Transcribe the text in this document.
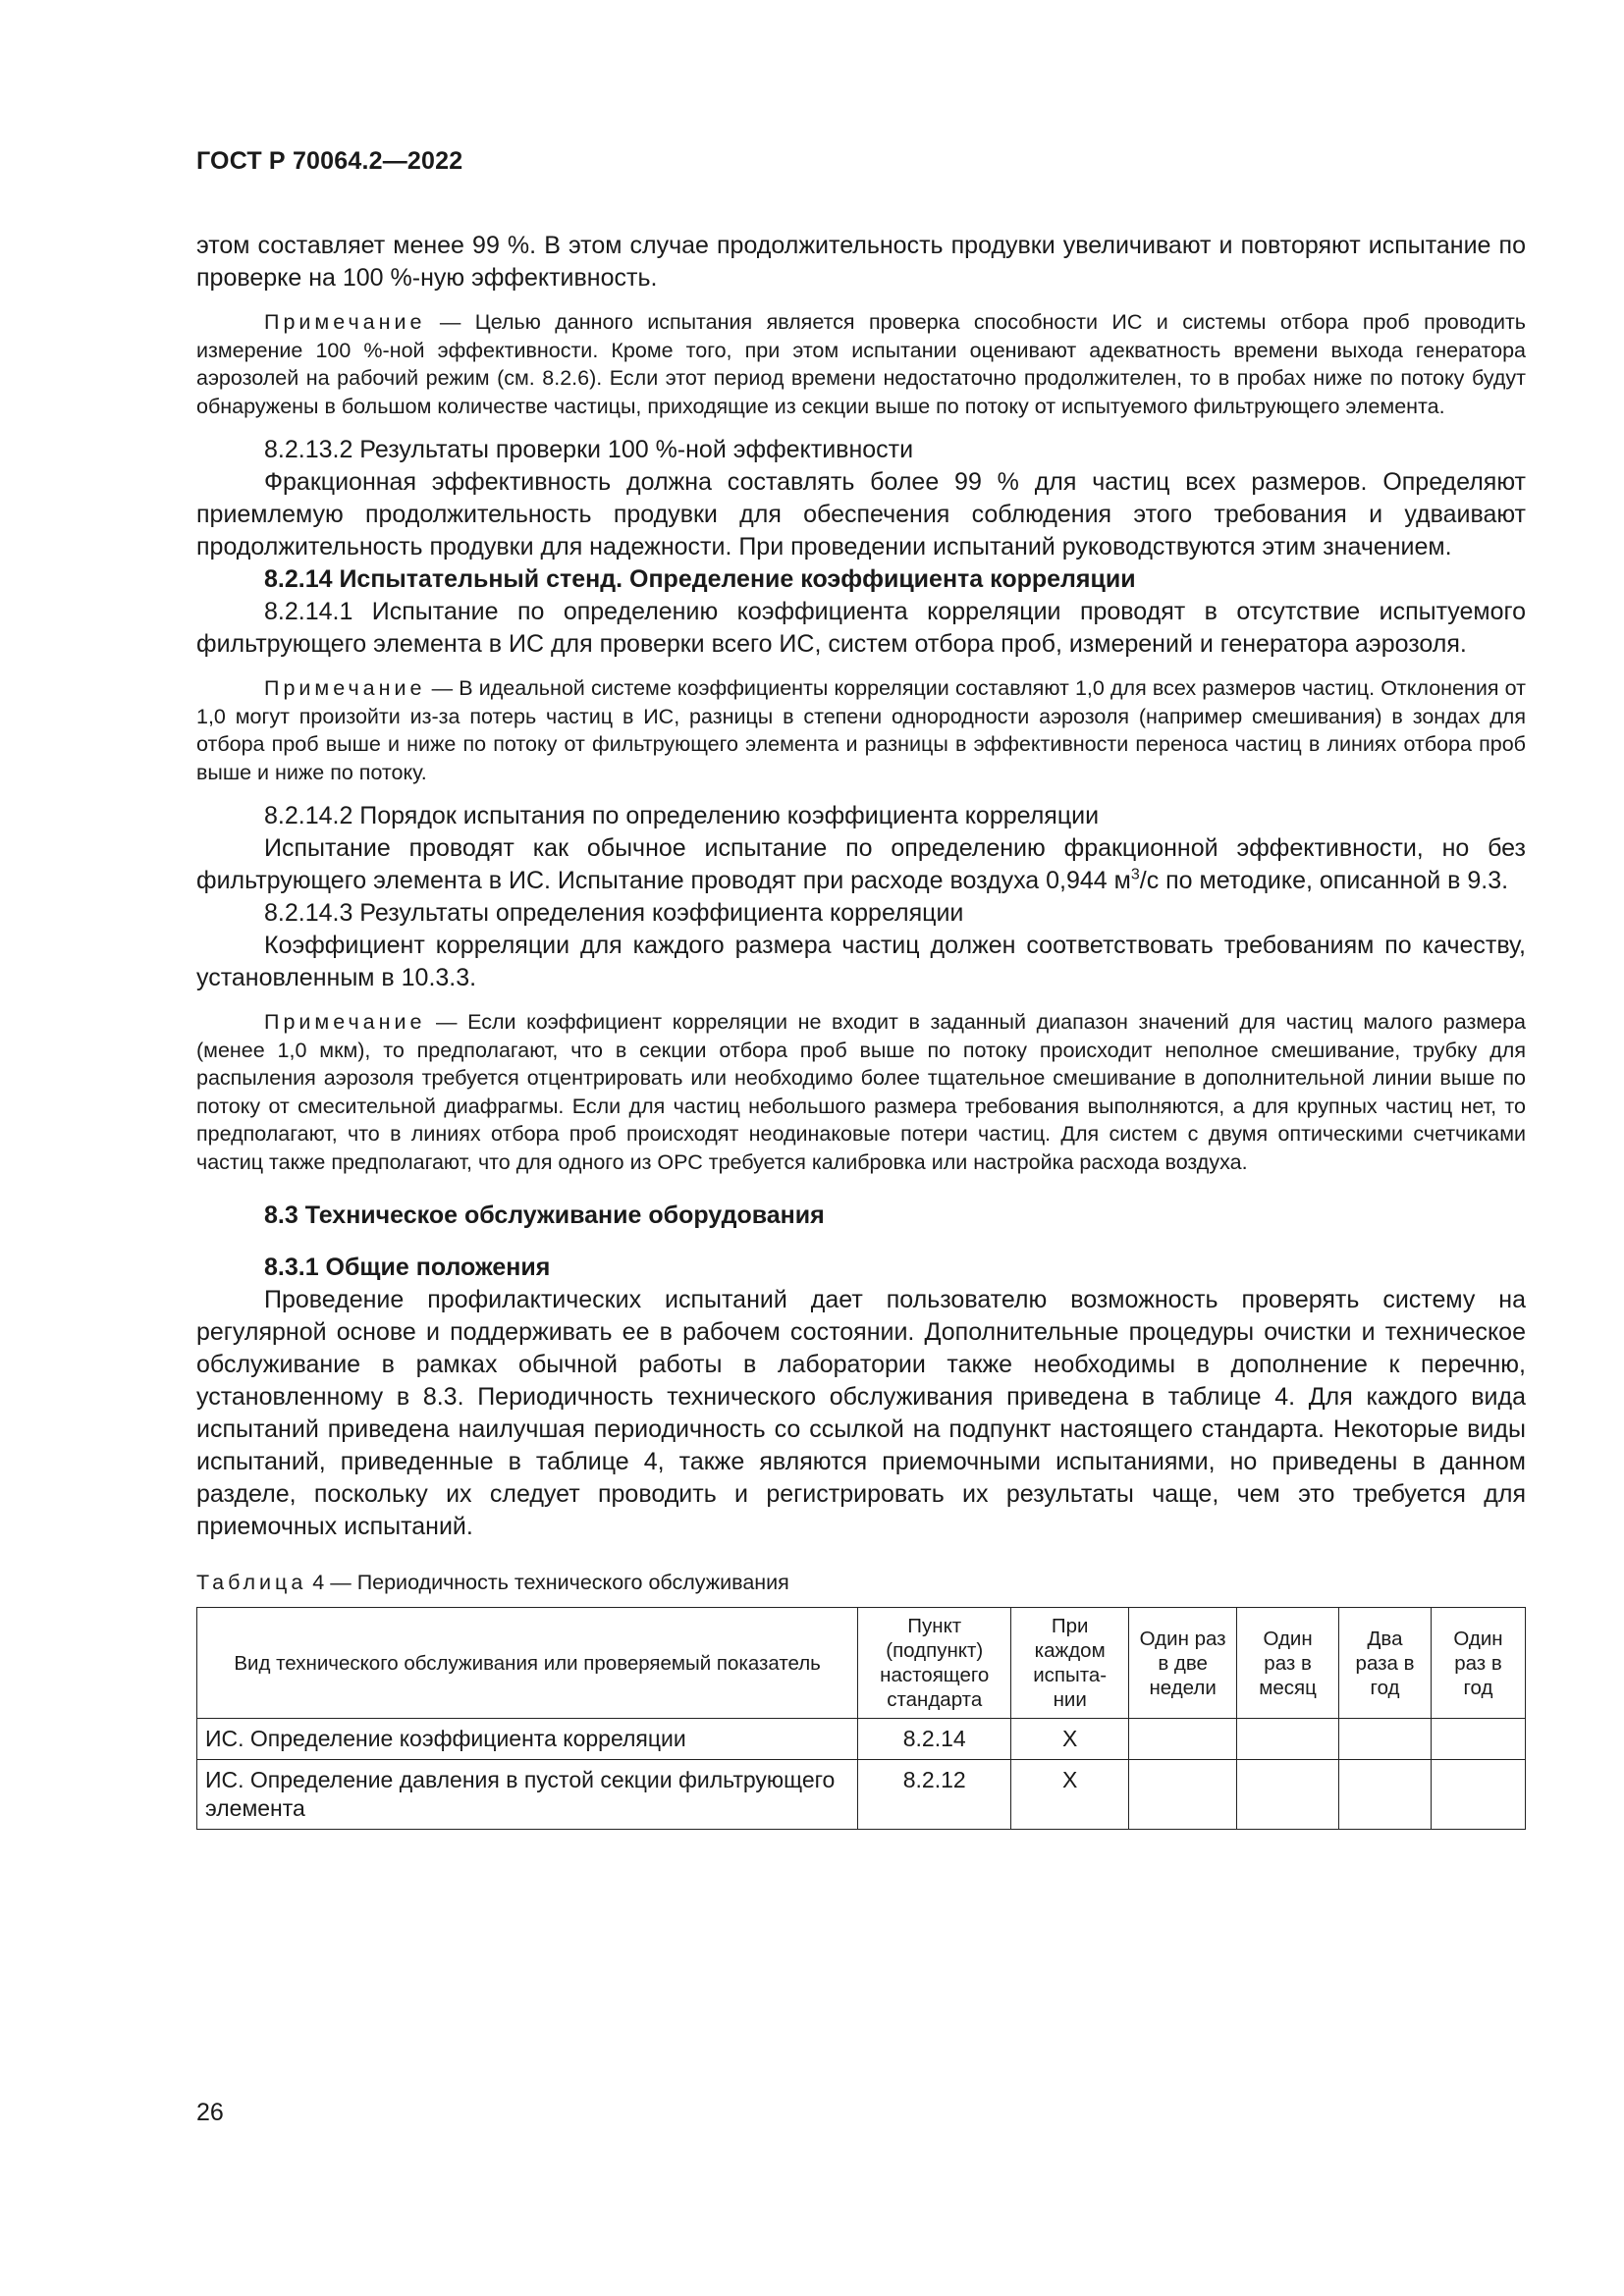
ГОСТ Р 70064.2—2022

этом составляет менее 99 %. В этом случае продолжительность продувки увеличивают и повторяют испытание по проверке на 100 %-ную эффективность.

Примечание — Целью данного испытания является проверка способности ИС и системы отбора проб проводить измерение 100 %-ной эффективности. Кроме того, при этом испытании оценивают адекватность времени выхода генератора аэрозолей на рабочий режим (см. 8.2.6). Если этот период времени недостаточно продолжителен, то в пробах ниже по потоку будут обнаружены в большом количестве частицы, приходящие из секции выше по потоку от испытуемого фильтрующего элемента.

8.2.13.2 Результаты проверки 100 %-ной эффективности

Фракционная эффективность должна составлять более 99 % для частиц всех размеров. Определяют приемлемую продолжительность продувки для обеспечения соблюдения этого требования и удваивают продолжительность продувки для надежности. При проведении испытаний руководствуются этим значением.

8.2.14 Испытательный стенд. Определение коэффициента корреляции

8.2.14.1 Испытание по определению коэффициента корреляции проводят в отсутствие испытуемого фильтрующего элемента в ИС для проверки всего ИС, систем отбора проб, измерений и генератора аэрозоля.

Примечание — В идеальной системе коэффициенты корреляции составляют 1,0 для всех размеров частиц. Отклонения от 1,0 могут произойти из-за потерь частиц в ИС, разницы в степени однородности аэрозоля (например смешивания) в зондах для отбора проб выше и ниже по потоку от фильтрующего элемента и разницы в эффективности переноса частиц в линиях отбора проб выше и ниже по потоку.

8.2.14.2 Порядок испытания по определению коэффициента корреляции

Испытание проводят как обычное испытание по определению фракционной эффективности, но без фильтрующего элемента в ИС. Испытание проводят при расходе воздуха 0,944 $м^3/с$ по методике, описанной в 9.3.

8.2.14.3 Результаты определения коэффициента корреляции

Коэффициент корреляции для каждого размера частиц должен соответствовать требованиям по качеству, установленным в 10.3.3.

Примечание — Если коэффициент корреляции не входит в заданный диапазон значений для частиц малого размера (менее 1,0 мкм), то предполагают, что в секции отбора проб выше по потоку происходит неполное смешивание, трубку для распыления аэрозоля требуется отцентрировать или необходимо более тщательное смешивание в дополнительной линии выше по потоку от смесительной диафрагмы. Если для частиц небольшого размера требования выполняются, а для крупных частиц нет, то предполагают, что в линиях отбора проб происходят неодинаковые потери частиц. Для систем с двумя оптическими счетчиками частиц также предполагают, что для одного из ОРС требуется калибровка или настройка расхода воздуха.

8.3 Техническое обслуживание оборудования

8.3.1 Общие положения

Проведение профилактических испытаний дает пользователю возможность проверять систему на регулярной основе и поддерживать ее в рабочем состоянии. Дополнительные процедуры очистки и техническое обслуживание в рамках обычной работы в лаборатории также необходимы в дополнение к перечню, установленному в 8.3. Периодичность технического обслуживания приведена в таблице 4. Для каждого вида испытаний приведена наилучшая периодичность со ссылкой на подпункт настоящего стандарта. Некоторые виды испытаний, приведенные в таблице 4, также являются приемочными испытаниями, но приведены в данном разделе, поскольку их следует проводить и регистрировать их результаты чаще, чем это требуется для приемочных испытаний.

Таблица 4 — Периодичность технического обслуживания

Вид технического обслуживания или проверяемый показатель	Пункт (подпункт) настоящего стандарта	При каждом испыта-нии	Один раз в две недели	Один раз в месяц	Два раза в год	Один раз в год
ИС. Определение коэффициента корреляции	8.2.14	X				
ИС. Определение давления в пустой секции фильтрующего элемента	8.2.12	X				
26
